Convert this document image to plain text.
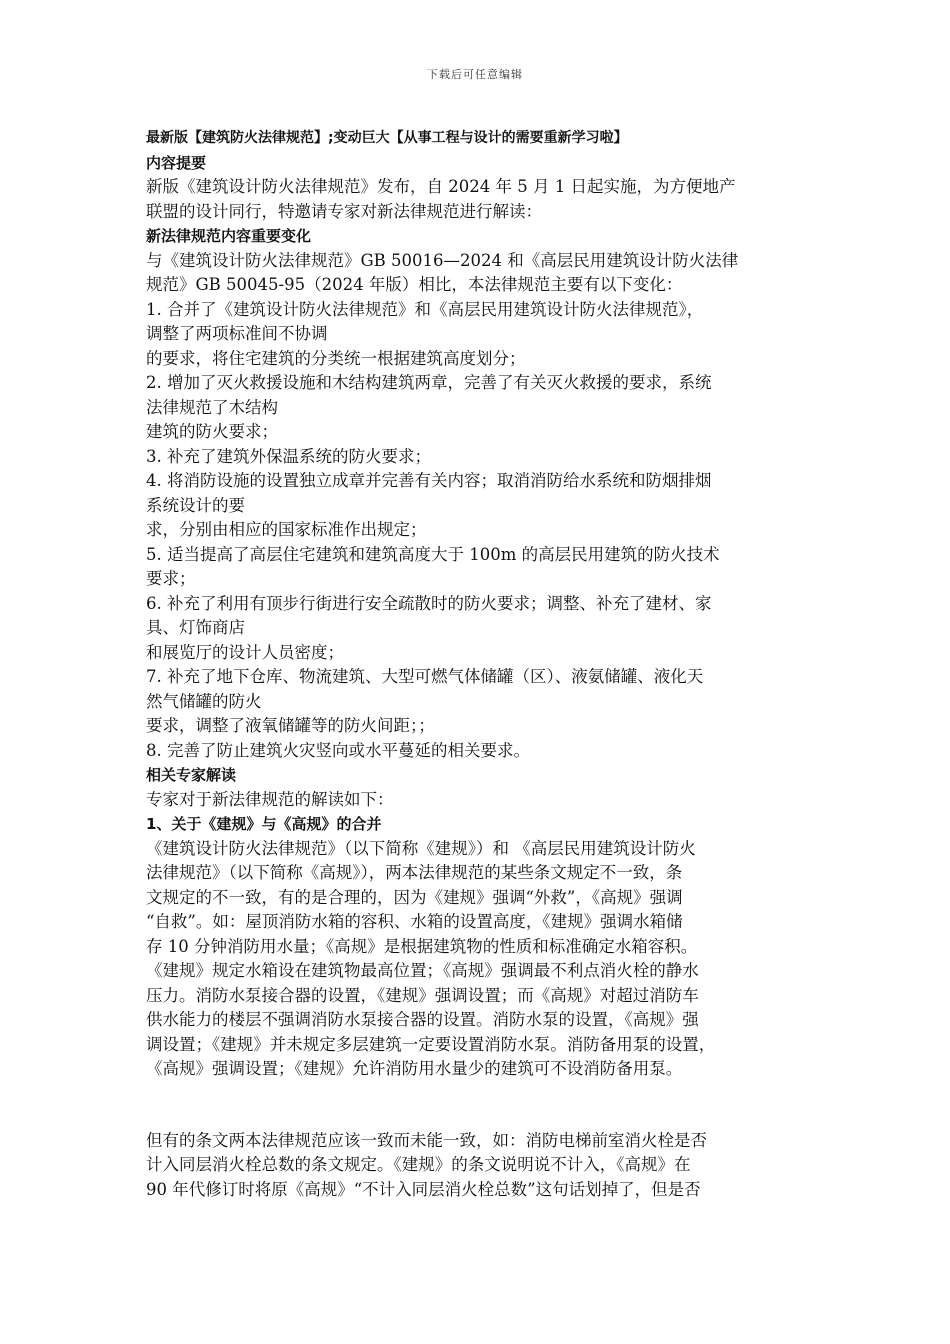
下载后可任意编辑
最新版【建筑防火法律规范】;变动巨大【从事工程与设计的需要重新学习啦】
内容提要
新版《建筑设计防火法律规范》发布，自 2024 年 5 月 1 日起实施，为方便地产
联盟的设计同行，特邀请专家对新法律规范进行解读：
新法律规范内容重要变化
与《建筑设计防火法律规范》GB 50016—2024 和《高层民用建筑设计防火法律
规范》GB 50045-95（2024 年版）相比，本法律规范主要有以下变化：
1. 合并了《建筑设计防火法律规范》和《高层民用建筑设计防火法律规范》，
调整了两项标准间不协调
的要求，将住宅建筑的分类统一根据建筑高度划分；
2. 增加了灭火救援设施和木结构建筑两章，完善了有关灭火救援的要求，系统
法律规范了木结构
建筑的防火要求；
3. 补充了建筑外保温系统的防火要求；
4. 将消防设施的设置独立成章并完善有关内容；取消消防给水系统和防烟排烟
系统设计的要
求，分别由相应的国家标准作出规定；
5. 适当提高了高层住宅建筑和建筑高度大于 100m 的高层民用建筑的防火技术
要求；
6. 补充了利用有顶步行街进行安全疏散时的防火要求；调整、补充了建材、家
具、灯饰商店
和展览厅的设计人员密度；
7. 补充了地下仓库、物流建筑、大型可燃气体储罐（区）、液氨储罐、液化天
然气储罐的防火
要求，调整了液氧储罐等的防火间距；；
8. 完善了防止建筑火灾竖向或水平蔓延的相关要求。
相关专家解读
专家对于新法律规范的解读如下：
1、关于《建规》与《高规》的合并
《建筑设计防火法律规范》（以下简称《建规》）和 《高层民用建筑设计防火
法律规范》（以下简称《高规》），两本法律规范的某些条文规定不一致，条
文规定的不一致，有的是合理的，因为《建规》强调“外救”，《高规》强调
“自救”。如：屋顶消防水箱的容积、水箱的设置高度，《建规》强调水箱储
存 10 分钟消防用水量；《高规》是根据建筑物的性质和标准确定水箱容积。
《建规》规定水箱设在建筑物最高位置；《高规》强调最不利点消火栓的静水
压力。消防水泵接合器的设置，《建规》强调设置；而《高规》对超过消防车
供水能力的楼层不强调消防水泵接合器的设置。消防水泵的设置，《高规》强
调设置；《建规》并未规定多层建筑一定要设置消防水泵。消防备用泵的设置，
《高规》强调设置；《建规》允许消防用水量少的建筑可不设消防备用泵。
但有的条文两本法律规范应该一致而未能一致，如：消防电梯前室消火栓是否
计入同层消火栓总数的条文规定。《建规》的条文说明说不计入，《高规》在
90 年代修订时将原《高规》“不计入同层消火栓总数”这句话划掉了，但是否
